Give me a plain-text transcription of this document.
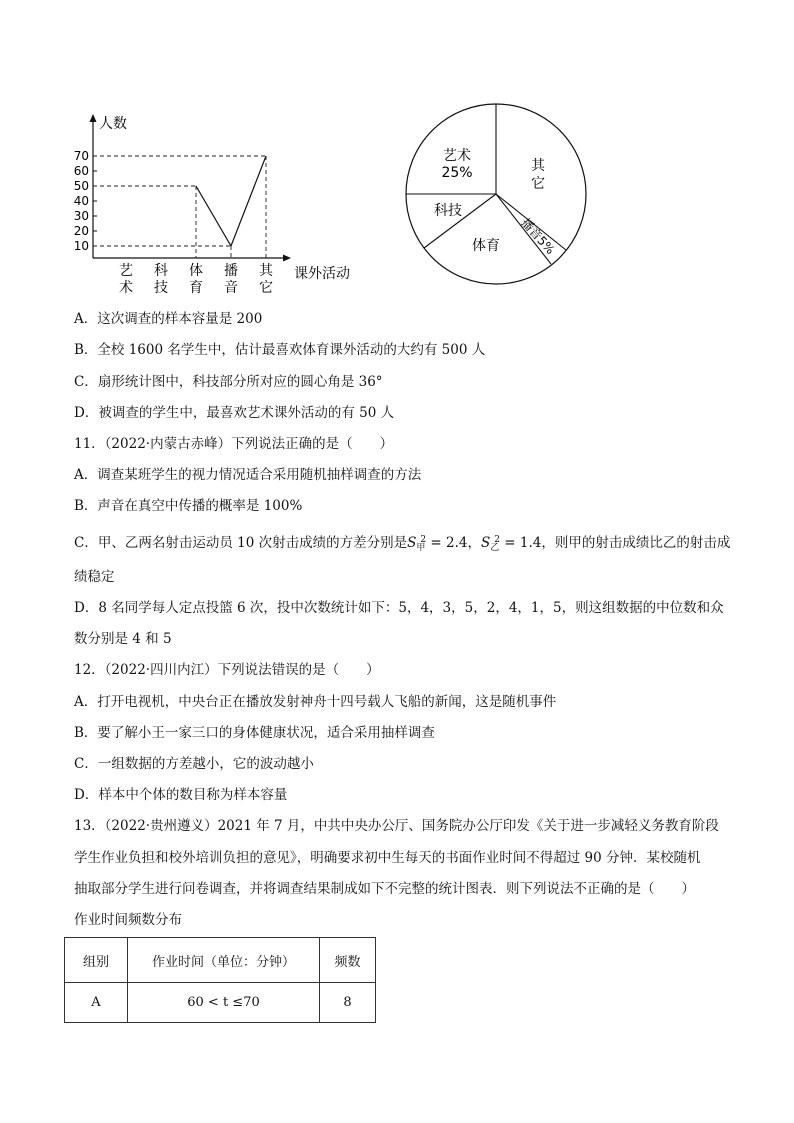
人数
70
60
50
40
30
20
10
艺
术
科
技
体
育
播
音
其
它
课外活动
艺术
25%	其
它
科技
体育 播音5%
A．这次调查的样本容量是 200
B．全校 1600 名学生中，估计最喜欢体育课外活动的大约有 500 人
C．扇形统计图中，科技部分所对应的圆心角是 36°
D．被调查的学生中，最喜欢艺术课外活动的有 50 人
11．（2022·内蒙古赤峰）下列说法正确的是（　　）
A．调查某班学生的视力情况适合采用随机抽样调查的方法
B．声音在真空中传播的概率是 100%
C．甲、乙两名射击运动员 10 次射击成绩的方差分别是$S_甲^2 = 2.4$，$S_乙^2 = 1.4$，则甲的射击成绩比乙的射击成
绩稳定
D．8 名同学每人定点投篮 6 次，投中次数统计如下：5，4，3，5，2，4，1，5，则这组数据的中位数和众
数分别是 4 和 5
12．（2022·四川内江）下列说法错误的是（　　）
A．打开电视机，中央台正在播放发射神舟十四号载人飞船的新闻，这是随机事件
B．要了解小王一家三口的身体健康状况，适合采用抽样调查
C．一组数据的方差越小，它的波动越小
D．样本中个体的数目称为样本容量
13．（2022·贵州遵义）2021 年 7 月，中共中央办公厅、国务院办公厅印发《关于进一步减轻义务教育阶段
学生作业负担和校外培训负担的意见》，明确要求初中生每天的书面作业时间不得超过 90 分钟．某校随机
抽取部分学生进行问卷调查，并将调查结果制成如下不完整的统计图表．则下列说法不正确的是（　　）
作业时间频数分布
组别	作业时间（单位：分钟）	频数
A	60 < t ≤70	8
